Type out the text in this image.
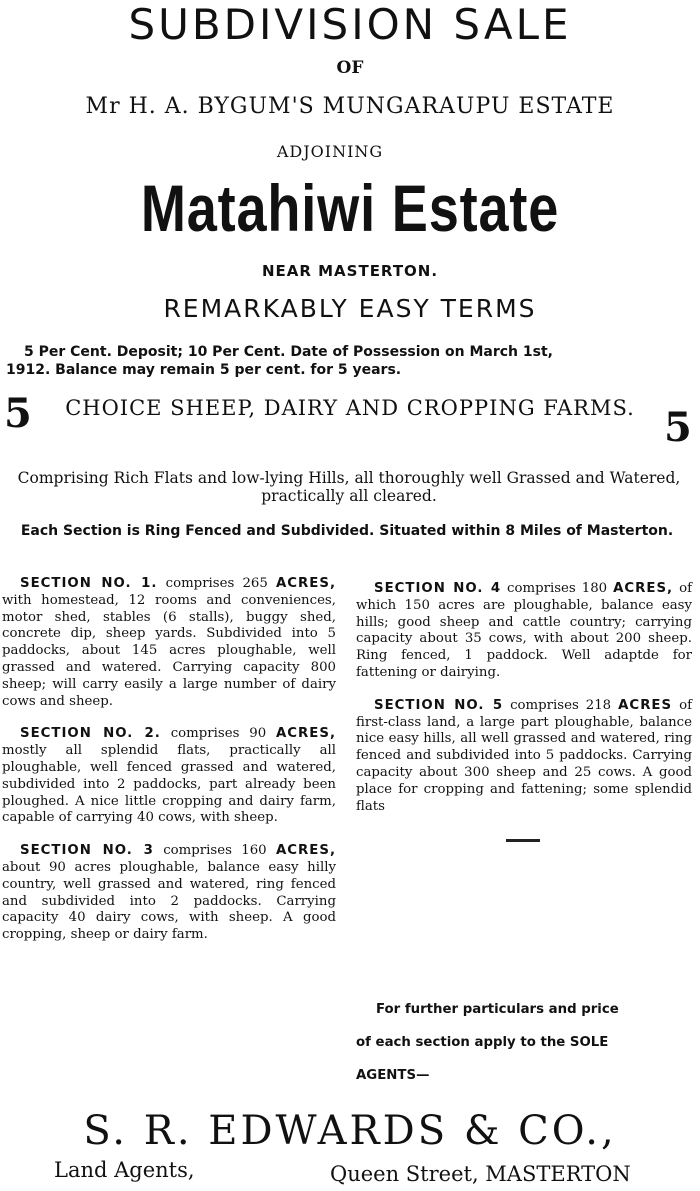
SUBDIVISION SALE
OF
Mr H. A. BYGUM'S MUNGARAUPU ESTATE
ADJOINING
Matahiwi Estate
NEAR MASTERTON.
REMARKABLY EASY TERMS
5 Per Cent. Deposit; 10 Per Cent. Date of Possession on March 1st,
1912. Balance may remain 5 per cent. for 5 years.
5 CHOICE SHEEP, DAIRY AND CROPPING FARMS. 5
Comprising Rich Flats and low-lying Hills, all thoroughly well Grassed and Watered, practically all cleared.
Each Section is Ring Fenced and Subdivided. Situated within 8 Miles of Masterton.

SECTION NO. 1. comprises 265 ACRES, with homestead, 12 rooms and conveniences, motor shed, stables (6 stalls), buggy shed, concrete dip, sheep yards. Subdivided into 5 paddocks, about 145 acres ploughable, well grassed and watered. Carrying capacity 800 sheep; will carry easily a large number of dairy cows and sheep.

SECTION NO. 2. comprises 90 ACRES, mostly all splendid flats, practically all ploughable, well fenced grassed and watered, subdivided into 2 paddocks, part already been ploughed. A nice little cropping and dairy farm, capable of carrying 40 cows, with sheep.

SECTION NO. 3 comprises 160 ACRES, about 90 acres ploughable, balance easy hilly country, well grassed and watered, ring fenced and subdivided into 2 paddocks. Carrying capacity 40 dairy cows, with sheep. A good cropping, sheep or dairy farm.

SECTION NO. 4 comprises 180 ACRES, of which 150 acres are ploughable, balance easy hills; good sheep and cattle country; carrying capacity about 35 cows, with about 200 sheep. Ring fenced, 1 paddock. Well adaptde for fattening or dairying.

SECTION NO. 5 comprises 218 ACRES of first-class land, a large part ploughable, balance nice easy hills, all well grassed and watered, ring fenced and subdivided into 5 paddocks. Carrying capacity about 300 sheep and 25 cows. A good place for cropping and fattening; some splendid flats

For further particulars and price
of each section apply to the SOLE
AGENTS—
S. R. EDWARDS & CO.,
Land Agents,	Queen Street, MASTERTON
